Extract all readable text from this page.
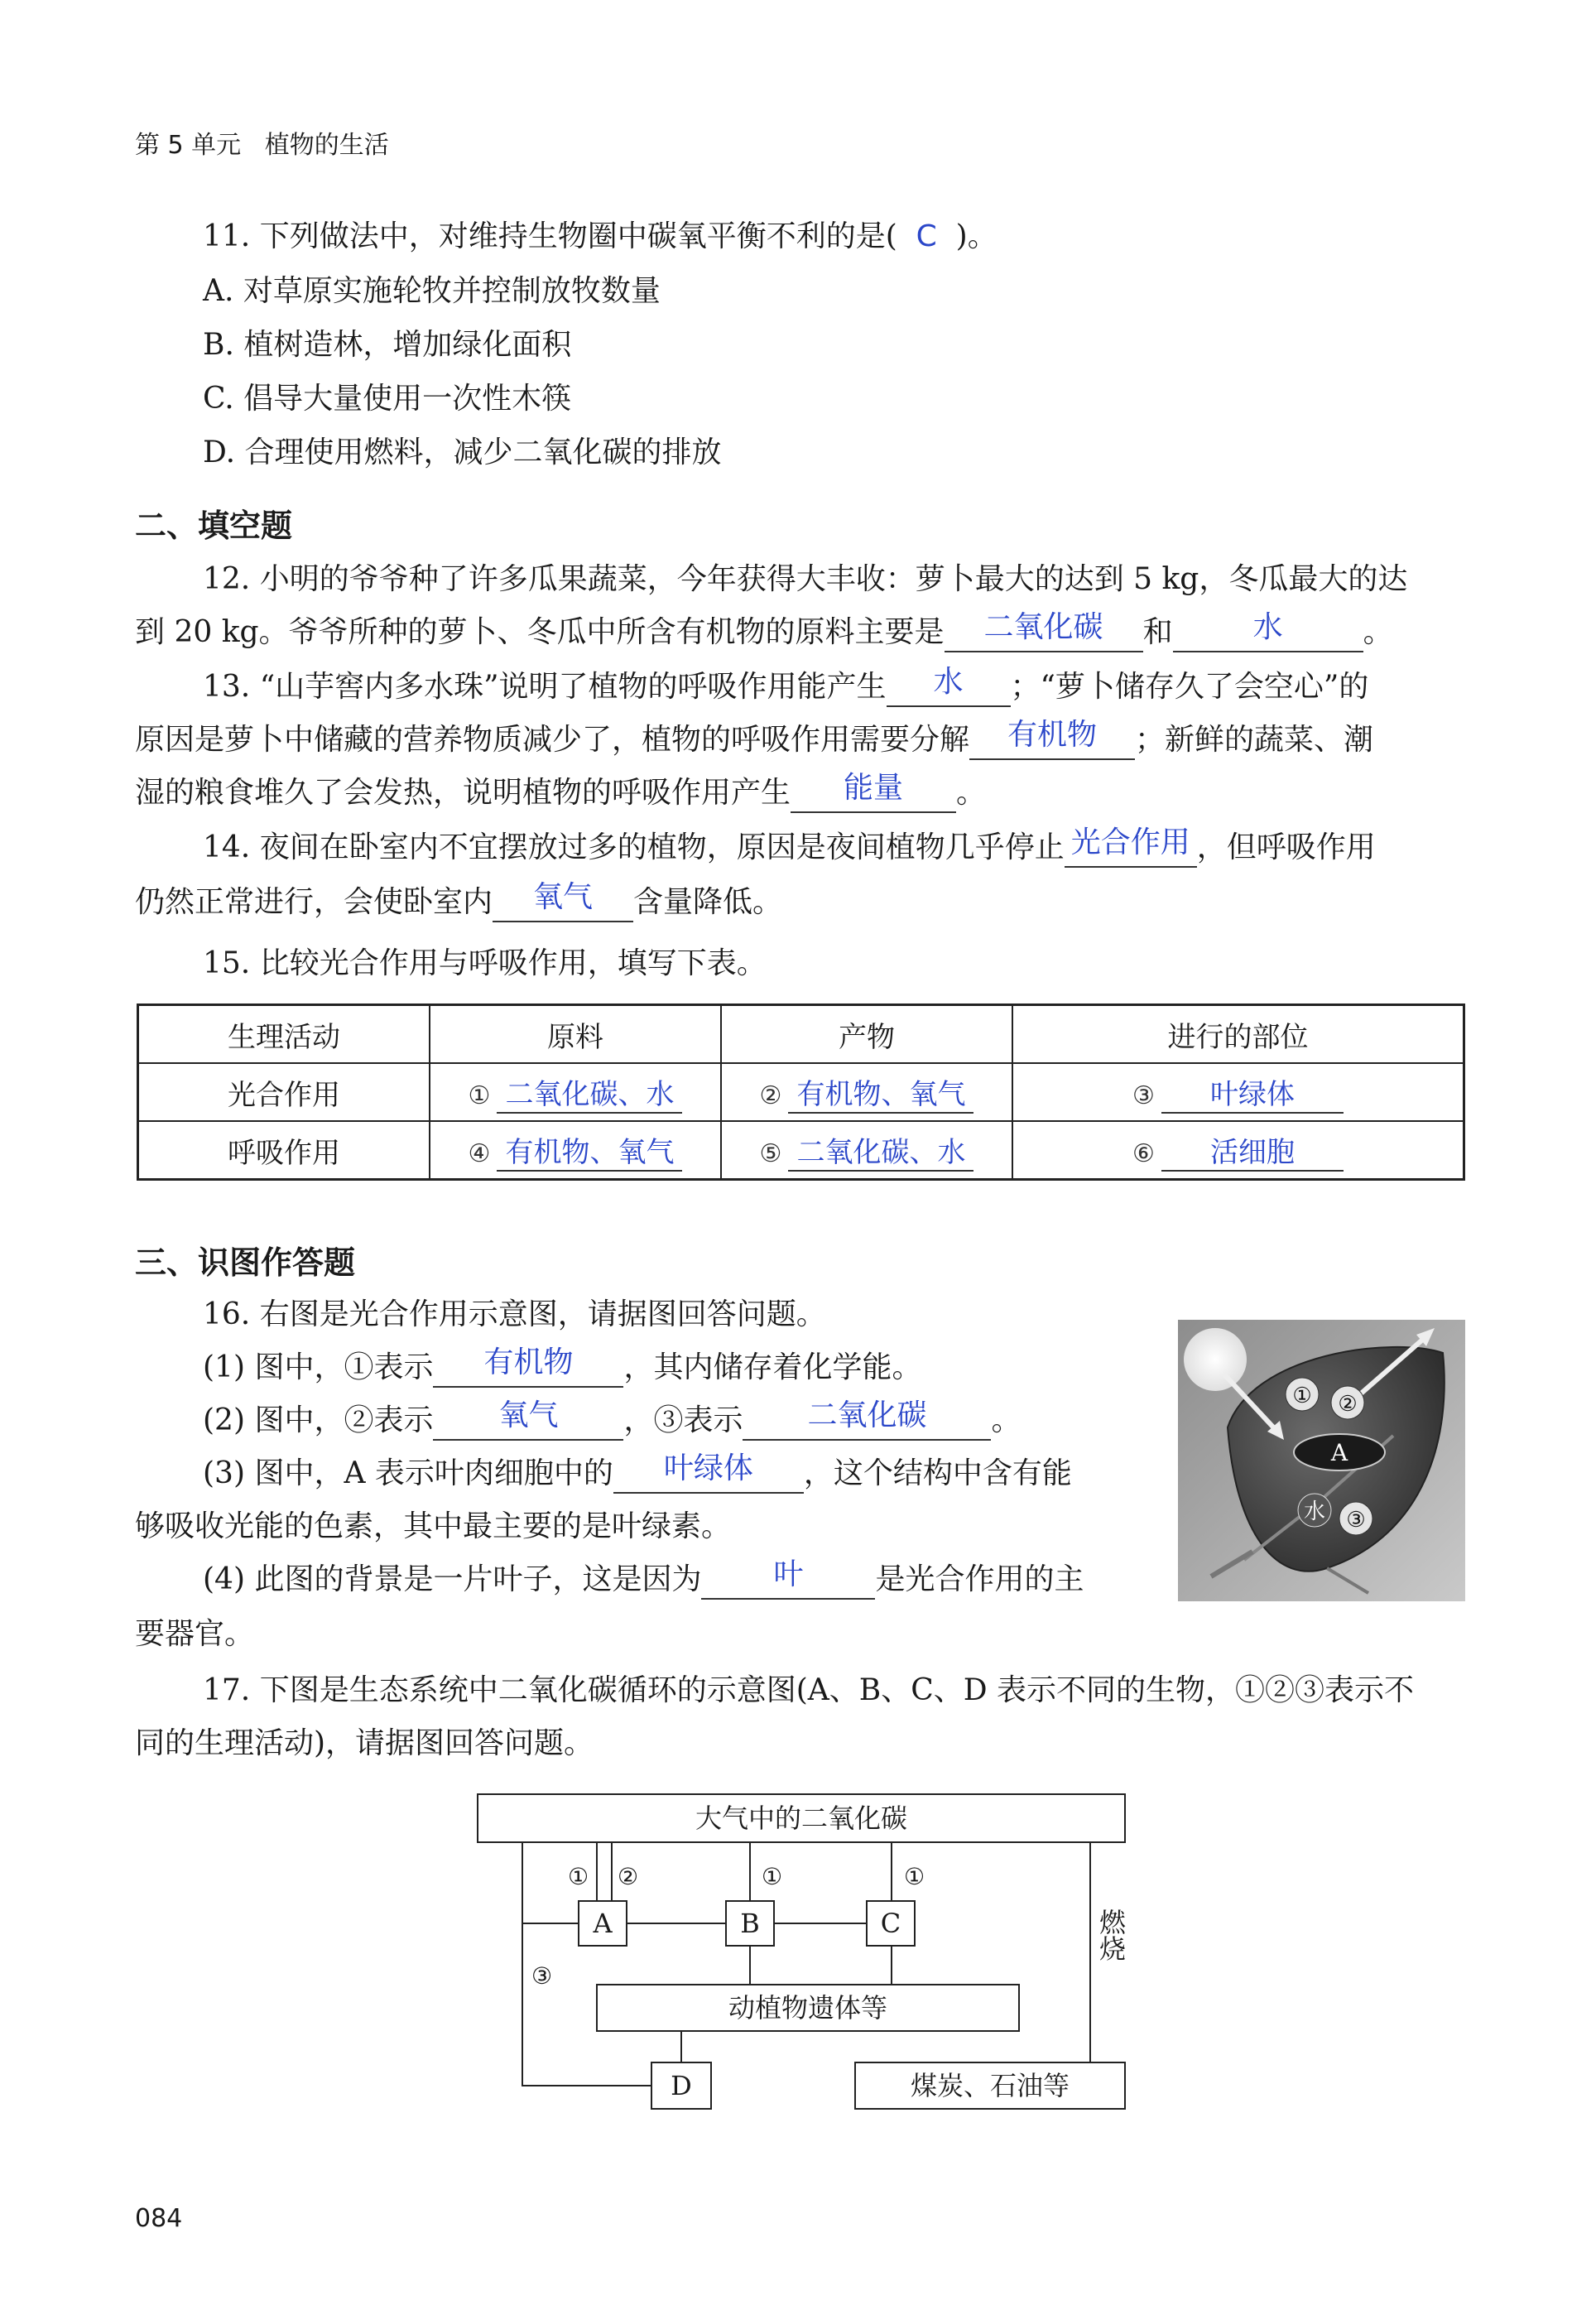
第 5 单元 植物的生活
11. 下列做法中，对维持生物圈中碳氧平衡不利的是( C )。
A. 对草原实施轮牧并控制放牧数量
B. 植树造林，增加绿化面积
C. 倡导大量使用一次性木筷
D. 合理使用燃料，减少二氧化碳的排放
二、填空题
12. 小明的爷爷种了许多瓜果蔬菜，今年获得大丰收：萝卜最大的达到 5 kg，冬瓜最大的达
到 20 kg。爷爷所种的萝卜、冬瓜中所含有机物的原料主要是 二氧化碳 和	水	。
13. “山芋窖内多水珠”说明了植物的呼吸作用能产生 水 ；“萝卜储存久了会空心”的
原因是萝卜中储藏的营养物质减少了，植物的呼吸作用需要分解 有机物 ；新鲜的蔬菜、潮
湿的粮食堆久了会发热，说明植物的呼吸作用产生 能量 。
14. 夜间在卧室内不宜摆放过多的植物，原因是夜间植物几乎停止 光合作用 ，但呼吸作用
仍然正常进行，会使卧室内 氧气 含量降低。
15. 比较光合作用与呼吸作用，填写下表。
生理活动	原料	产物	进行的部位
光合作用	① 二氧化碳、水	② 有机物、氧气	③ 叶绿体
呼吸作用	④ 有机物、氧气	⑤ 二氧化碳、水	⑥ 活细胞
三、识图作答题
16. 右图是光合作用示意图，请据图回答问题。
(1) 图中，①表示 有机物 ，其内储存着化学能。
(2) 图中，②表示 氧气 ，③表示 二氧化碳 。
(3) 图中，A 表示叶肉细胞中的 叶绿体 ，这个结构中含有能
够吸收光能的色素，其中最主要的是叶绿素。
(4) 此图的背景是一片叶子，这是因为 叶 是光合作用的主
要器官。
A
① ②
水 ③
17. 下图是生态系统中二氧化碳循环的示意图(A、B、C、D 表示不同的生物，①②③表示不
同的生理活动)，请据图回答问题。
大气中的二氧化碳
A	B	C
动植物遗体等
D	煤炭、石油等
① ②	①	①
③
燃烧
084
